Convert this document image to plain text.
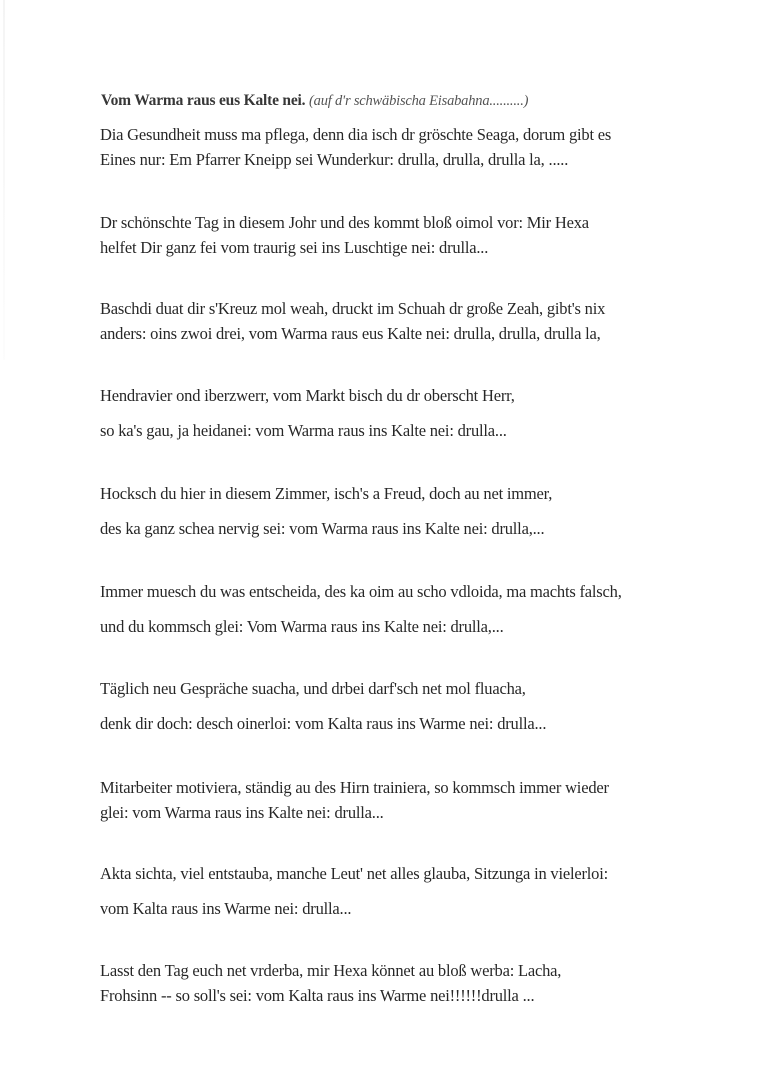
Vom Warma raus eus Kalte nei. (auf d'r schwäbischa Eisabahna..........)
Dia Gesundheit muss ma pflega, denn dia isch dr gröschte Seaga, dorum gibt es
Eines nur: Em Pfarrer Kneipp sei Wunderkur: drulla, drulla, drulla la, .....
Dr schönschte Tag in diesem Johr und des kommt bloß oimol vor: Mir Hexa
helfet Dir ganz fei vom traurig sei ins Luschtige nei: drulla...
Baschdi duat dir s'Kreuz mol weah, druckt im Schuah dr große Zeah, gibt's nix
anders: oins zwoi drei, vom Warma raus eus Kalte nei: drulla, drulla, drulla la,
Hendravier ond iberzwerr, vom Markt bisch du dr oberscht Herr,
so ka's gau, ja heidanei: vom Warma raus ins Kalte nei: drulla...
Hocksch du hier in diesem Zimmer, isch's a Freud, doch au net immer,
des ka ganz schea nervig sei: vom Warma raus ins Kalte nei: drulla,...
Immer muesch du was entscheida, des ka oim au scho vdloida, ma machts falsch,
und du kommsch glei: Vom Warma raus ins Kalte nei: drulla,...
Täglich neu Gespräche suacha, und drbei darf'sch net mol fluacha,
denk dir doch: desch oinerloi: vom Kalta raus ins Warme nei: drulla...
Mitarbeiter motiviera, ständig au des Hirn trainiera, so kommsch immer wieder
glei: vom Warma raus ins Kalte nei: drulla...
Akta sichta, viel entstauba, manche Leut' net alles glauba, Sitzunga in vielerloi:
vom Kalta raus ins Warme nei: drulla...
Lasst den Tag euch net vrderba, mir Hexa könnet au bloß werba: Lacha,
Frohsinn -- so soll's sei: vom Kalta raus ins Warme nei!!!!!!drulla ...
